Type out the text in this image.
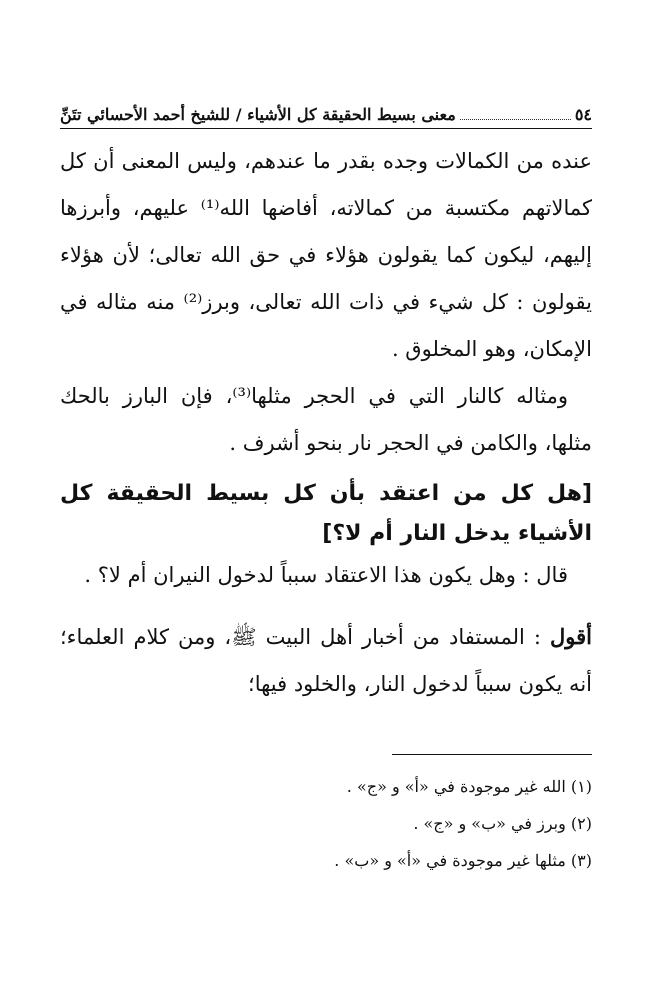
٥٤
معنى بسيط الحقيقة كل الأشياء / للشيخ أحمد الأحسائي تتَنِّ

عنده من الكمالات وجده بقدر ما عندهم، وليس المعنى أن كل كمالاتهم مكتسبة من كمالاته، أفاضها الله⁽¹⁾ عليهم، وأبرزها إليهم، ليكون كما يقولون هؤلاء في حق الله تعالى؛ لأن هؤلاء يقولون : كل شيء في ذات الله تعالى، وبرز⁽²⁾ منه مثاله في الإمكان، وهو المخلوق .

ومثاله كالنار التي في الحجر مثلها⁽³⁾، فإن البارز بالحك مثلها، والكامن في الحجر نار بنحو أشرف .

[هل كل من اعتقد بأن كل بسيط الحقيقة كل الأشياء يدخل النار أم لا؟]

قال : وهل يكون هذا الاعتقاد سبباً لدخول النيران أم لا؟ .

أقول : المستفاد من أخبار أهل البيت ﷺ، ومن كلام العلماء؛ أنه يكون سبباً لدخول النار، والخلود فيها؛

(١) الله غير موجودة في «أ» و «ج» .
(٢) وبرز في «ب» و «ج» .
(٣) مثلها غير موجودة في «أ» و «ب» .
